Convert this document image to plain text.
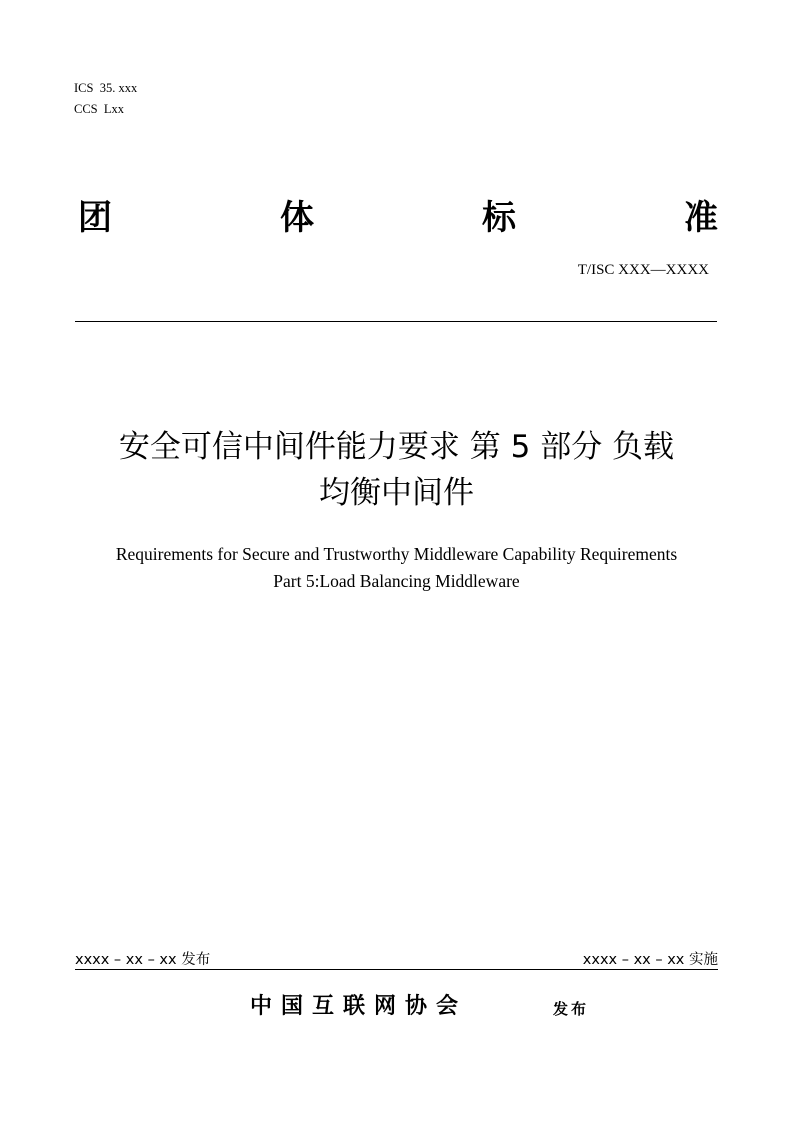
ICS  35. xxx
CCS  Lxx
团	体	标	准
T/ISC XXX—XXXX
安全可信中间件能力要求 第 5 部分 负载
均衡中间件
Requirements for Secure and Trustworthy Middleware Capability Requirements
Part 5:Load Balancing Middleware
xxxx – xx – xx 发布	xxxx – xx – xx 实施
中国互联网协会	发布
